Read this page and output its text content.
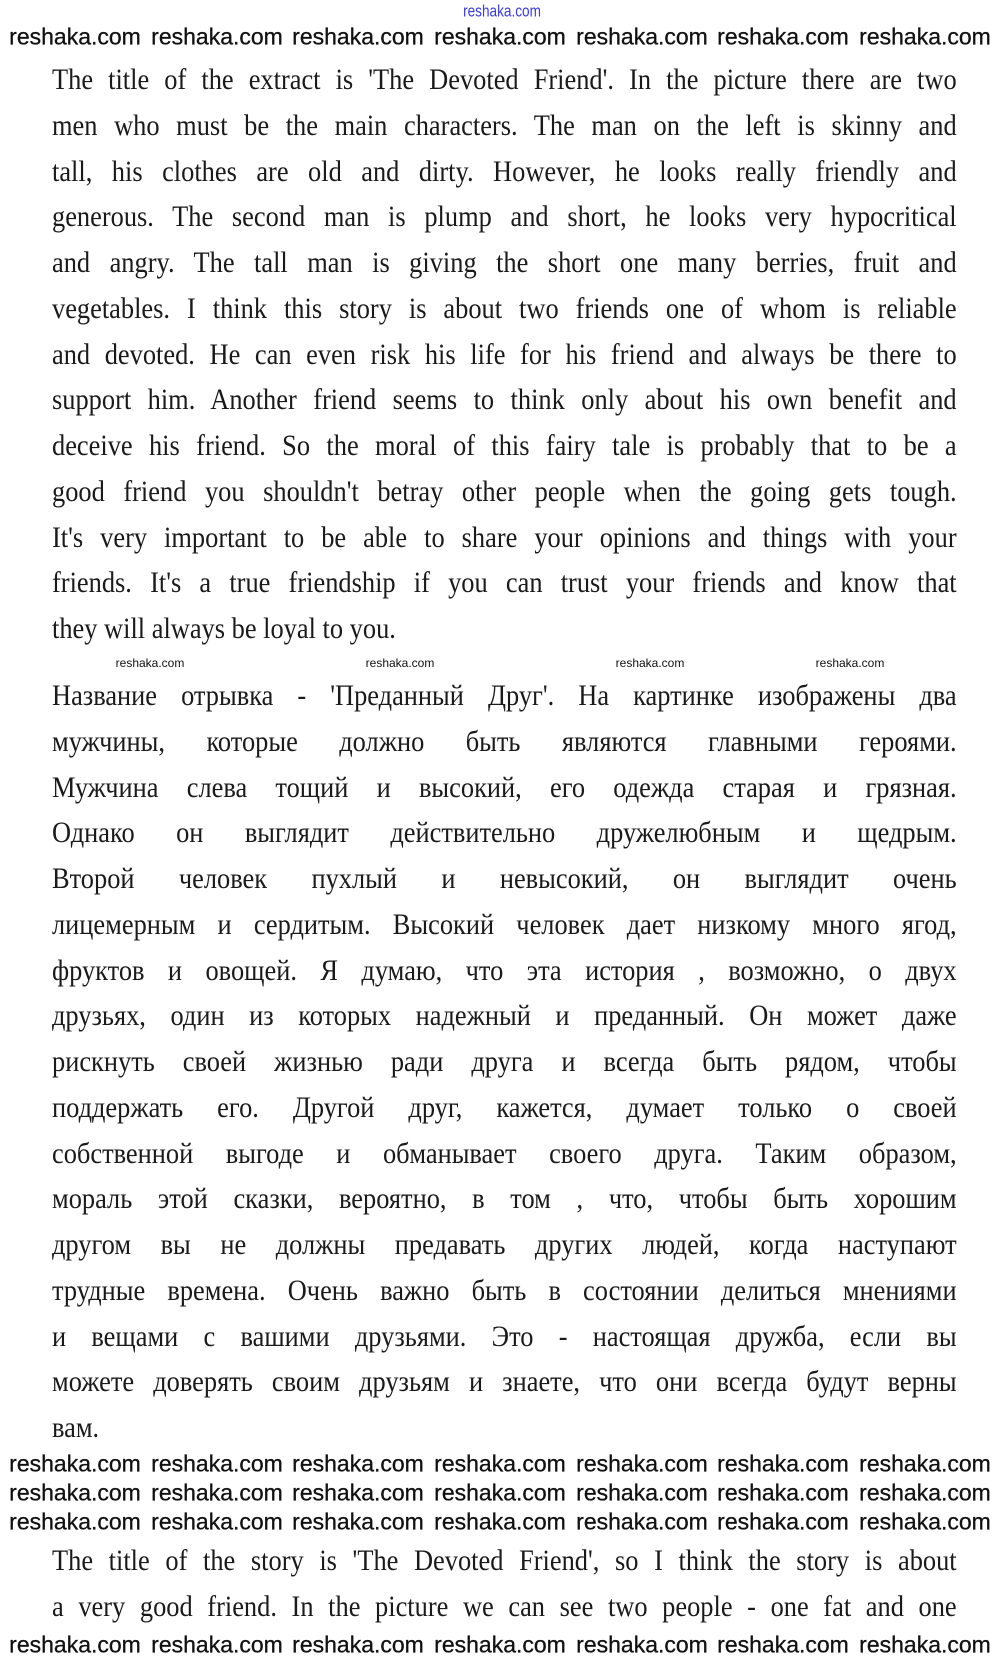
reshaka.com
The title of the extract is 'The Devoted Friend'. In the picture there are two
men who must be the main characters. The man on the left is skinny and
tall, his clothes are old and dirty. However, he looks really friendly and
generous. The second man is plump and short, he looks very hypocritical
and angry. The tall man is giving the short one many berries, fruit and
vegetables. I think this story is about two friends one of whom is reliable
and devoted. He can even risk his life for his friend and always be there to
support him. Another friend seems to think only about his own benefit and
deceive his friend. So the moral of this fairy tale is probably that to be a
good friend you shouldn't betray other people when the going gets tough.
It's very important to be able to share your opinions and things with your
friends. It's a true friendship if you can trust your friends and know that
they will always be loyal to you.
Название отрывка - 'Преданный Друг'. На картинке изображены два
мужчины, которые должно быть являются главными героями.
Мужчина слева тощий и высокий, его одежда старая и грязная.
Однако он выглядит действительно дружелюбным и щедрым.
Второй человек пухлый и невысокий, он выглядит очень
лицемерным и сердитым. Высокий человек дает низкому много ягод,
фруктов и овощей. Я думаю, что эта история , возможно, о двух
друзьях, один из которых надежный и преданный. Он может даже
рискнуть своей жизнью ради друга и всегда быть рядом, чтобы
поддержать его. Другой друг, кажется, думает только о своей
собственной выгоде и обманывает своего друга. Таким образом,
мораль этой сказки, вероятно, в том , что, чтобы быть хорошим
другом вы не должны предавать других людей, когда наступают
трудные времена. Очень важно быть в состоянии делиться мнениями
и вещами с вашими друзьями. Это - настоящая дружба, если вы
можете доверять своим друзьям и знаете, что они всегда будут верны
вам.
The title of the story is 'The Devoted Friend', so I think the story is about
a very good friend. In the picture we can see two people - one fat and one
reshaka.com reshaka.com reshaka.com reshaka.com reshaka.com reshaka.com reshaka.com
reshaka.com reshaka.com reshaka.com reshaka.com reshaka.com reshaka.com reshaka.com
reshaka.com reshaka.com reshaka.com reshaka.com reshaka.com reshaka.com reshaka.com
reshaka.com reshaka.com reshaka.com reshaka.com reshaka.com reshaka.com reshaka.com
reshaka.com reshaka.com reshaka.com reshaka.com reshaka.com reshaka.com reshaka.com
reshaka.com	reshaka.com	reshaka.com	reshaka.com
